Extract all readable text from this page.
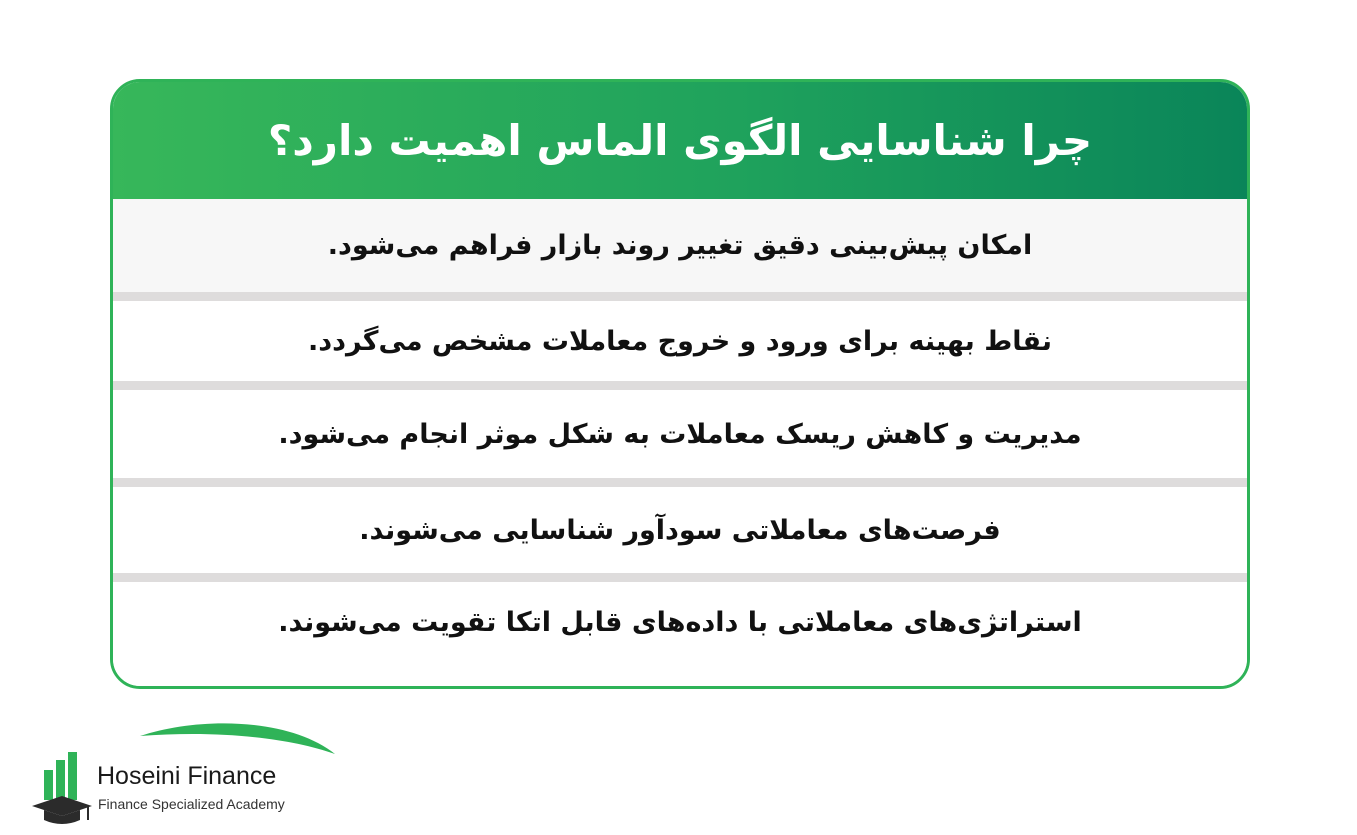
چرا شناسایی الگوی الماس اهمیت دارد؟
امکان پیش‌بینی دقیق تغییر روند بازار فراهم می‌شود.
نقاط بهینه برای ورود و خروج معاملات مشخص می‌گردد.
مدیریت و کاهش ریسک معاملات به شکل موثر انجام می‌شود.
فرصت‌های معاملاتی سودآور شناسایی می‌شوند.
استراتژی‌های معاملاتی با داده‌های قابل اتکا تقویت می‌شوند.
Hoseini Finance
Finance Specialized Academy
